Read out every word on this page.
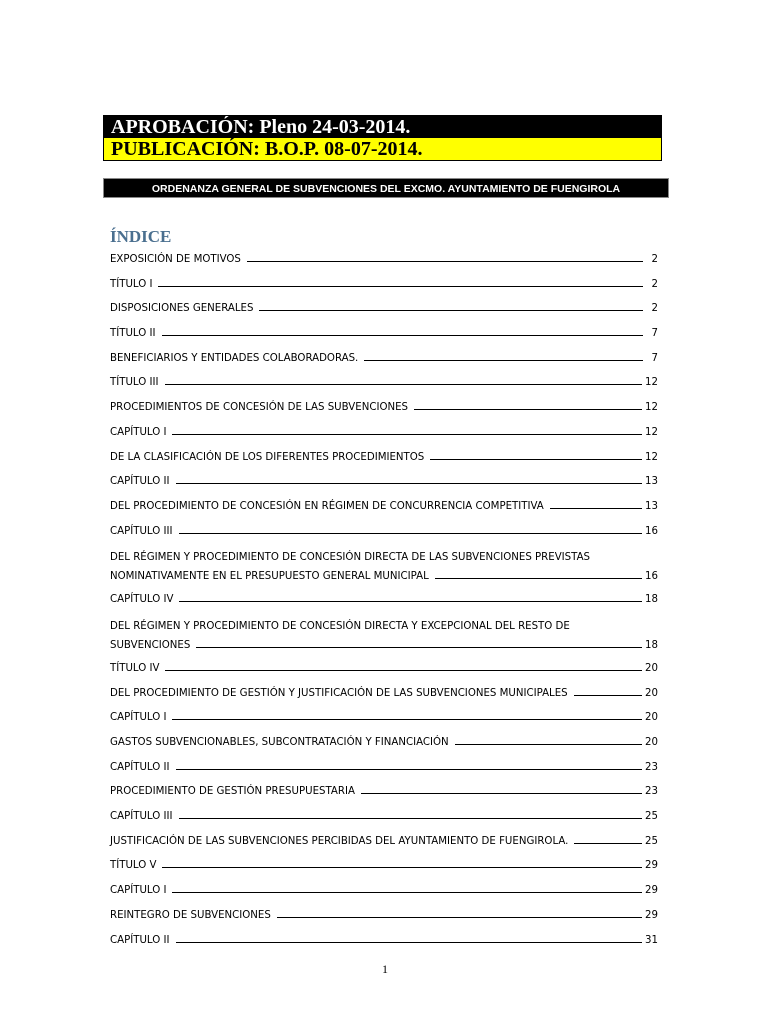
APROBACIÓN: Pleno 24-03-2014.
PUBLICACIÓN: B.O.P. 08-07-2014.
ORDENANZA GENERAL DE SUBVENCIONES DEL EXCMO. AYUNTAMIENTO DE FUENGIROLA
ÍNDICE
EXPOSICIÓN DE MOTIVOS	2
TÍTULO I	2
DISPOSICIONES GENERALES	2
TÍTULO II	7
BENEFICIARIOS Y ENTIDADES COLABORADORAS.	7
TÍTULO III	12
PROCEDIMIENTOS DE CONCESIÓN DE LAS SUBVENCIONES	12
CAPÍTULO I	12
DE LA CLASIFICACIÓN DE LOS DIFERENTES PROCEDIMIENTOS	12
CAPÍTULO II	13
DEL PROCEDIMIENTO DE CONCESIÓN EN RÉGIMEN DE CONCURRENCIA COMPETITIVA	13
CAPÍTULO III	16
DEL RÉGIMEN Y PROCEDIMIENTO DE CONCESIÓN DIRECTA DE LAS SUBVENCIONES PREVISTAS
NOMINATIVAMENTE EN EL PRESUPUESTO GENERAL MUNICIPAL	16
CAPÍTULO IV	18
DEL RÉGIMEN Y PROCEDIMIENTO DE CONCESIÓN DIRECTA Y EXCEPCIONAL DEL RESTO DE
SUBVENCIONES	18
TÍTULO IV	20
DEL PROCEDIMIENTO DE GESTIÓN Y JUSTIFICACIÓN DE LAS SUBVENCIONES MUNICIPALES	20
CAPÍTULO I	20
GASTOS SUBVENCIONABLES, SUBCONTRATACIÓN Y FINANCIACIÓN	20
CAPÍTULO II	23
PROCEDIMIENTO DE GESTIÓN PRESUPUESTARIA	23
CAPÍTULO III	25
JUSTIFICACIÓN DE LAS SUBVENCIONES PERCIBIDAS DEL AYUNTAMIENTO DE FUENGIROLA.	25
TÍTULO V	29
CAPÍTULO I	29
REINTEGRO DE SUBVENCIONES	29
CAPÍTULO II	31
1
